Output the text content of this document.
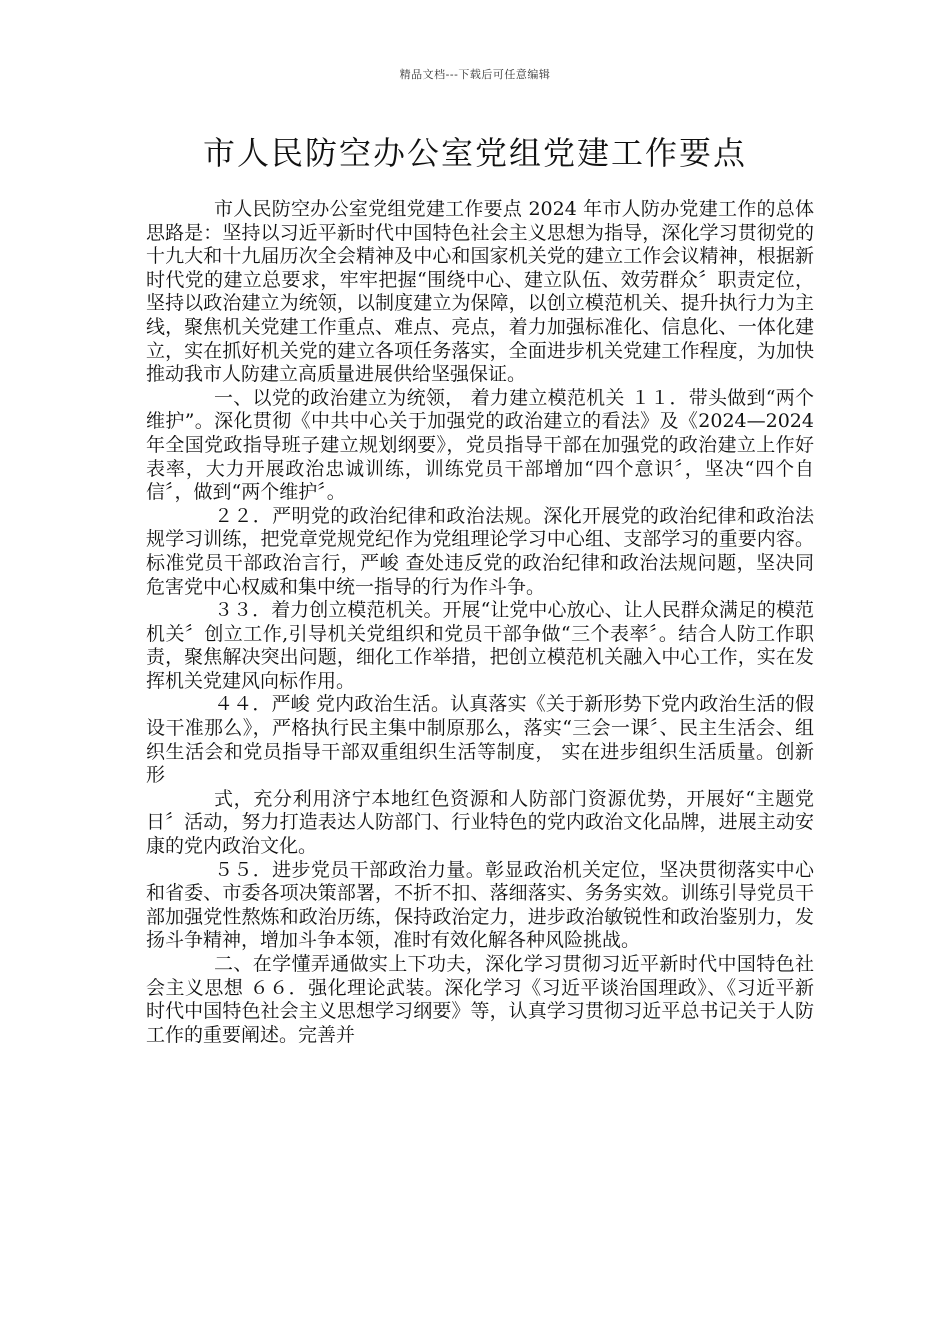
精品文档---下载后可任意编辑
市人民防空办公室党组党建工作要点

市人民防空办公室党组党建工作要点 2024 年市人防办党建工作的总体思路是：坚持以习近平新时代中国特色社会主义思想为指导，深化学习贯彻党的十九大和十九届历次全会精神及中心和国家机关党的建立工作会议精神，根据新时代党的建立总要求，牢牢把握“围绕中心、建立队伍、效劳群众〞职责定位，坚持以政治建立为统领，以制度建立为保障，以创立模范机关、提升执行力为主线，聚焦机关党建工作重点、难点、亮点，着力加强标准化、信息化、一体化建立，实在抓好机关党的建立各项任务落实，全面进步机关党建工作程度，为加快推动我市人防建立高质量进展供给坚强保证。

一、以党的政治建立为统领， 着力建立模范机关 １１．带头做到“两个维护”。深化贯彻《中共中心关于加强党的政治建立的看法》及《2024—2024 年全国党政指导班子建立规划纲要》，党员指导干部在加强党的政治建立上作好表率，大力开展政治忠诚训练，训练党员干部增加“四个意识〞，坚决“四个自信〞，做到“两个维护〞。

２２．严明党的政治纪律和政治法规。深化开展党的政治纪律和政治法规学习训练，把党章党规党纪作为党组理论学习中心组、支部学习的重要内容。标准党员干部政治言行，严峻 查处违反党的政治纪律和政治法规问题，坚决同危害党中心权威和集中统一指导的行为作斗争。

３３．着力创立模范机关。开展“让党中心放心、让人民群众满足的模范机关〞创立工作,引导机关党组织和党员干部争做“三个表率〞。结合人防工作职责，聚焦解决突出问题，细化工作举措，把创立模范机关融入中心工作，实在发挥机关党建风向标作用。

４４．严峻 党内政治生活。认真落实《关于新形势下党内政治生活的假设干准那么》，严格执行民主集中制原那么，落实“三会一课〞、民主生活会、组织生活会和党员指导干部双重组织生活等制度， 实在进步组织生活质量。创新形

式，充分利用济宁本地红色资源和人防部门资源优势，开展好“主题党日〞活动，努力打造表达人防部门、行业特色的党内政治文化品牌，进展主动安康的党内政治文化。

５５．进步党员干部政治力量。彰显政治机关定位，坚决贯彻落实中心和省委、市委各项决策部署，不折不扣、落细落实、务务实效。训练引导党员干部加强党性熬炼和政治历练，保持政治定力，进步政治敏锐性和政治鉴别力，发扬斗争精神，增加斗争本领，准时有效化解各种风险挑战。

二、在学懂弄通做实上下功夫，深化学习贯彻习近平新时代中国特色社会主义思想 ６６．强化理论武装。深化学习《习近平谈治国理政》、《习近平新时代中国特色社会主义思想学习纲要》等，认真学习贯彻习近平总书记关于人防工作的重要阐述。完善并
